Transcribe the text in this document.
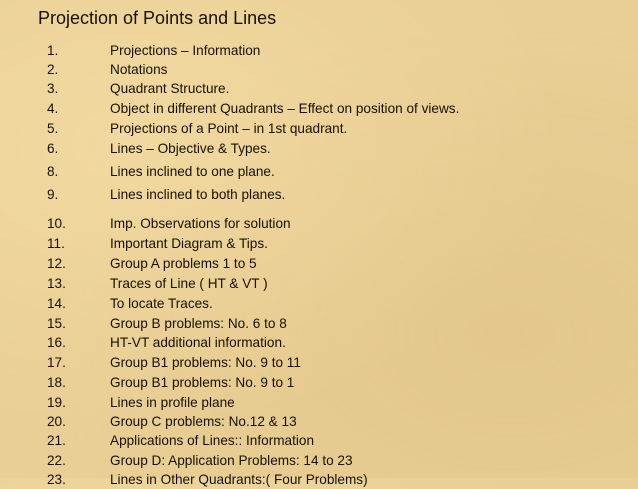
Projection of Points and Lines
1.	Projections – Information
2.	Notations
3.	Quadrant Structure.
4.	Object in different Quadrants – Effect on position of views.
5.	Projections of a Point – in 1st quadrant.
6.	Lines – Objective & Types.
8.	Lines inclined to one plane.
9.	Lines inclined to both planes.
10.	Imp. Observations for solution
11.	Important Diagram & Tips.
12.	Group A problems 1 to 5
13.	Traces of Line ( HT & VT )
14.	To locate Traces.
15.	Group B problems: No. 6 to 8
16.	HT-VT additional information.
17.	Group B1 problems: No. 9 to 11
18.	Group B1 problems: No. 9 to 1
19.	Lines in profile plane
20.	Group C problems: No.12 & 13
21.	Applications of Lines:: Information
22.	Group D: Application Problems: 14 to 23
23.	Lines in Other Quadrants:( Four Problems)
